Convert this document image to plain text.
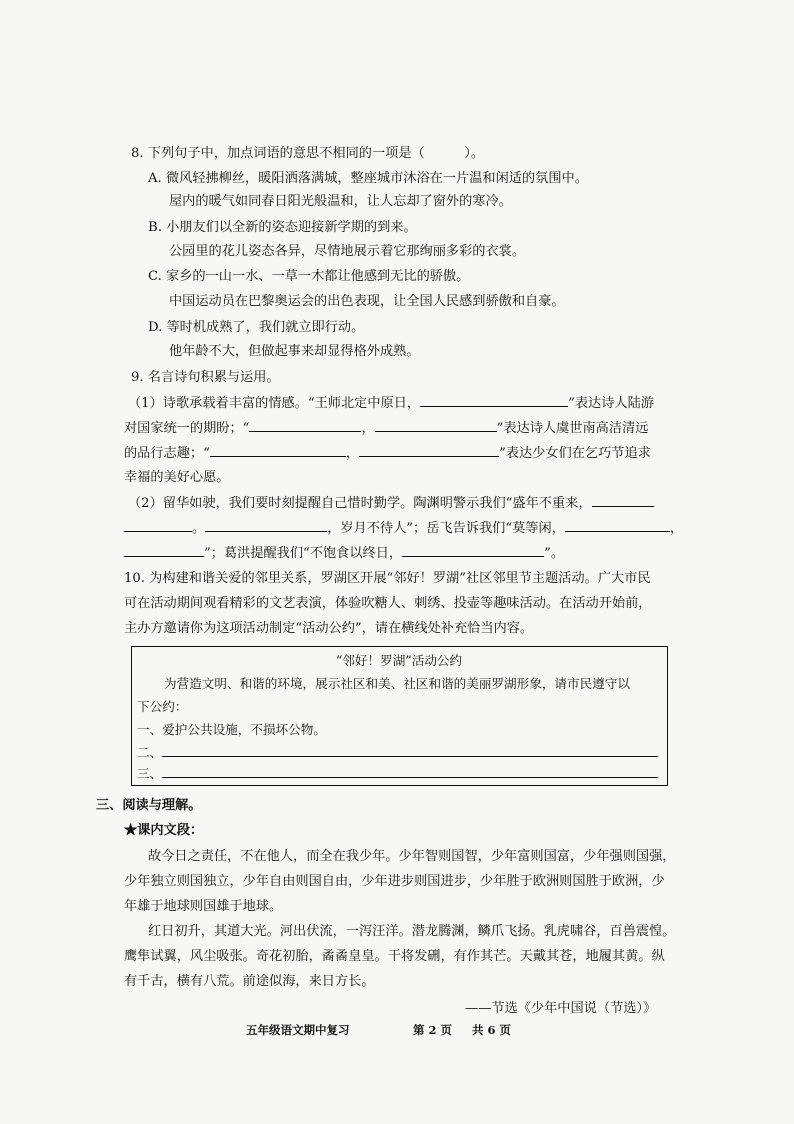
8. 下列句子中，加点词语的意思不相同的一项是（　　　）。
A. 微风轻拂柳丝，暖阳洒落满城，整座城市沐浴在一片温和闲适的氛围中。
屋内的暖气如同春日阳光般温和，让人忘却了窗外的寒冷。
B. 小朋友们以全新的姿态迎接新学期的到来。
公园里的花儿姿态各异，尽情地展示着它那绚丽多彩的衣裳。
C. 家乡的一山一水、一草一木都让他感到无比的骄傲。
中国运动员在巴黎奥运会的出色表现，让全国人民感到骄傲和自豪。
D. 等时机成熟了，我们就立即行动。
他年龄不大，但做起事来却显得格外成熟。
9. 名言诗句积累与运用。
（1）诗歌承载着丰富的情感。“王师北定中原日，	”表达诗人陆游
对国家统一的期盼；“	，	”表达诗人虞世南高洁清远
的品行志趣；“	，	”表达少女们在乞巧节追求
幸福的美好心愿。
（2）留华如驶，我们要时刻提醒自己惜时勤学。陶渊明警示我们“盛年不重来，
。	，岁月不待人”；岳飞告诉我们“莫等闲，	，
”；葛洪提醒我们“不饱食以终日，	”。
10. 为构建和谐关爱的邻里关系，罗湖区开展“邻好！罗湖”社区邻里节主题活动。广大市民
可在活动期间观看精彩的文艺表演，体验吹糖人、刺绣、投壶等趣味活动。在活动开始前，
主办方邀请你为这项活动制定“活动公约”，请在横线处补充恰当内容。
“邻好！罗湖”活动公约
为营造文明、和谐的环境，展示社区和美、社区和谐的美丽罗湖形象，请市民遵守以
下公约：
一、爱护公共设施，不损坏公物。
二、
三、
三、阅读与理解。
★课内文段：
故今日之责任，不在他人，而全在我少年。少年智则国智，少年富则国富，少年强则国强，
少年独立则国独立，少年自由则国自由，少年进步则国进步，少年胜于欧洲则国胜于欧洲，少
年雄于地球则国雄于地球。
红日初升，其道大光。河出伏流，一泻汪洋。潜龙腾渊，鳞爪飞扬。乳虎啸谷，百兽震惶。
鹰隼试翼，风尘吸张。奇花初胎，矞矞皇皇。干将发硎，有作其芒。天戴其苍，地履其黄。纵
有千古，横有八荒。前途似海，来日方长。
——节选《少年中国说（节选）》
五年级语文期中复习	第 2 页 共 6 页
